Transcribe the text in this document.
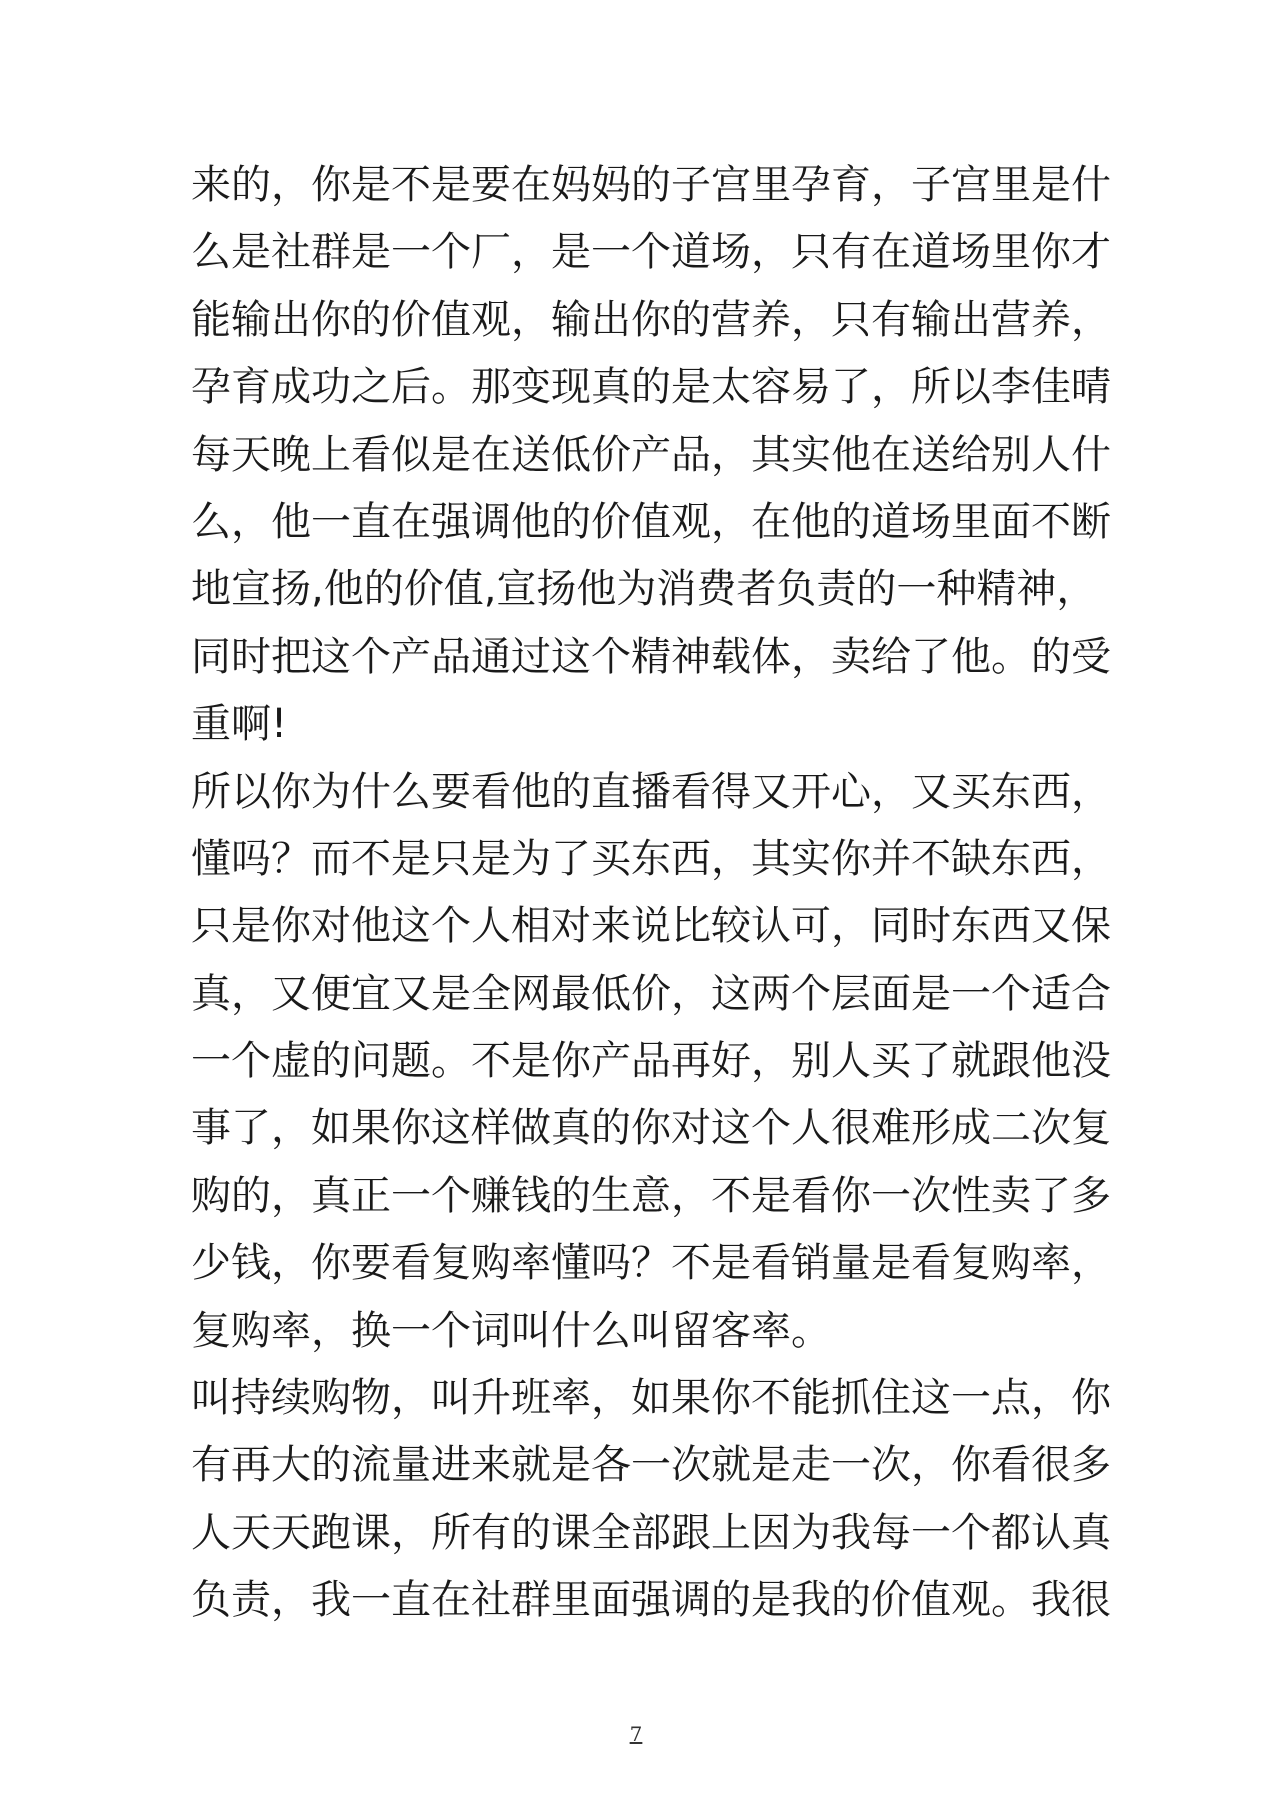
来的，你是不是要在妈妈的子宫里孕育，子宫里是什
么是社群是一个厂，是一个道场，只有在道场里你才
能输出你的价值观，输出你的营养，只有输出营养，
孕育成功之后。那变现真的是太容易了，所以李佳晴
每天晚上看似是在送低价产品，其实他在送给别人什
么，他一直在强调他的价值观，在他的道场里面不断
地宣扬,他的价值,宣扬他为消费者负责的一种精神，
同时把这个产品通过这个精神载体，卖给了他。的受
重啊!
所以你为什么要看他的直播看得又开心，又买东西，
懂吗？而不是只是为了买东西，其实你并不缺东西，
只是你对他这个人相对来说比较认可，同时东西又保
真，又便宜又是全网最低价，这两个层面是一个适合
一个虚的问题。不是你产品再好，别人买了就跟他没
事了，如果你这样做真的你对这个人很难形成二次复
购的，真正一个赚钱的生意，不是看你一次性卖了多
少钱，你要看复购率懂吗？不是看销量是看复购率，
复购率，换一个词叫什么叫留客率。
叫持续购物，叫升班率，如果你不能抓住这一点，你
有再大的流量进来就是各一次就是走一次，你看很多
人天天跑课，所有的课全部跟上因为我每一个都认真
负责，我一直在社群里面强调的是我的价值观。我很
7
